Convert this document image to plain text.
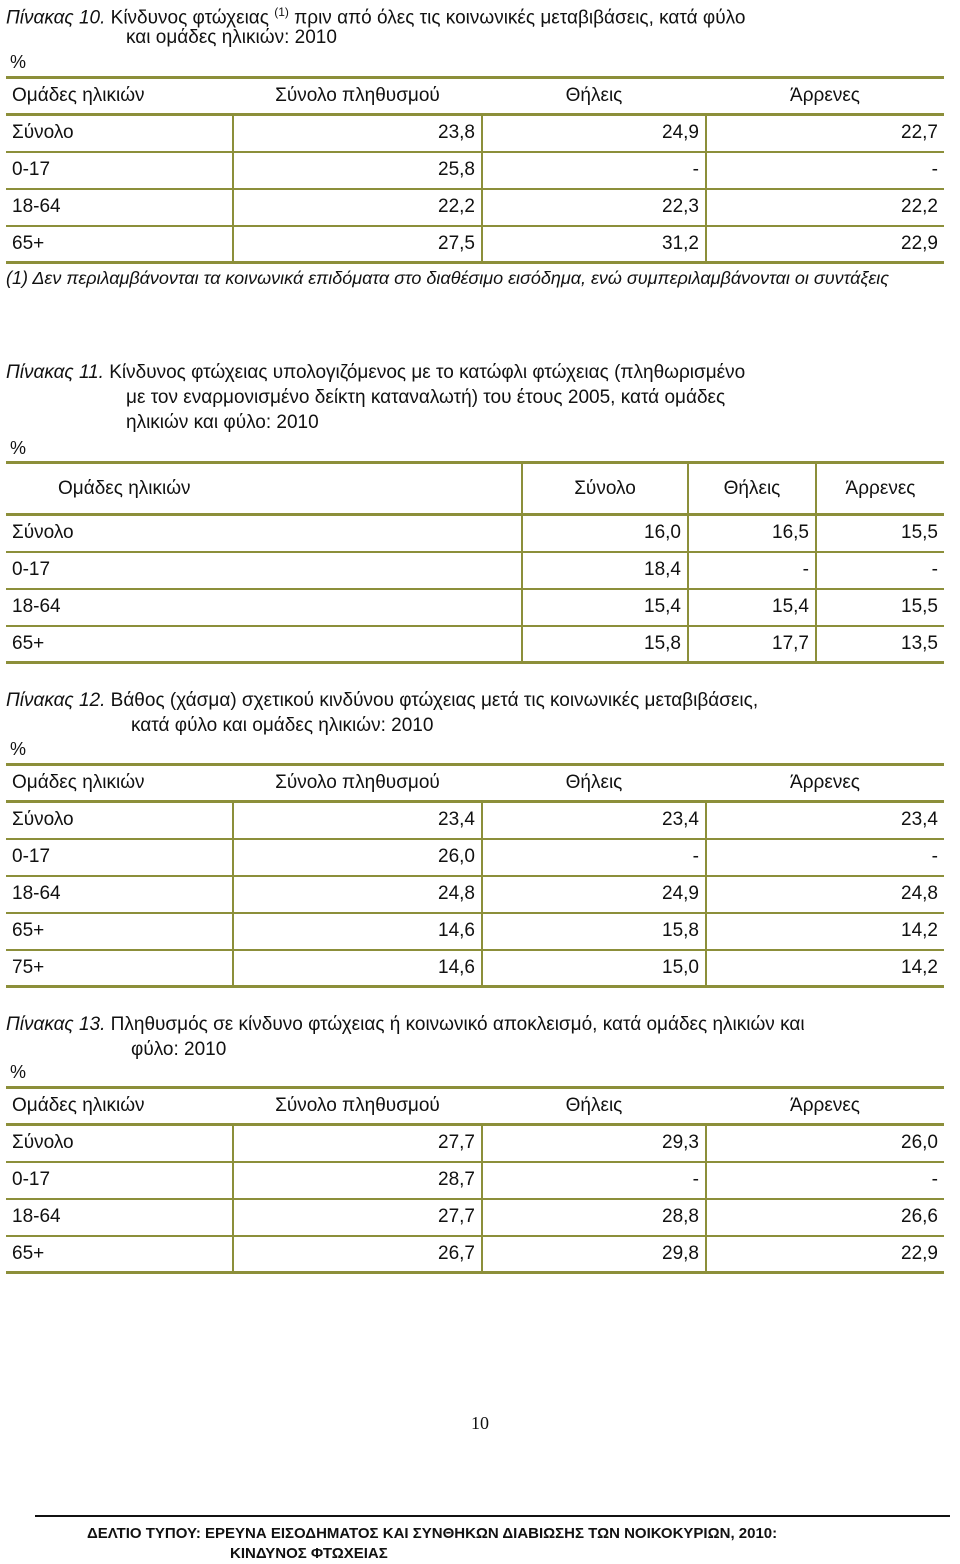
Πίνακας 10. Κίνδυνος φτώχειας $^{(1)}$ πριν από όλες τις κοινωνικές μεταβιβάσεις, κατά φύλο
και ομάδες ηλικιών: 2010
%
Ομάδες ηλικιών	Σύνολο πληθυσμού	Θήλεις	Άρρενες
Σύνολο	23,8	24,9	22,7
0-17	25,8	-	-
18-64	22,2	22,3	22,2
65+	27,5	31,2	22,9
(1) Δεν περιλαμβάνονται τα κοινωνικά επιδόματα στο διαθέσιμο εισόδημα, ενώ συμπεριλαμβάνονται οι συντάξεις
Πίνακας 11. Κίνδυνος φτώχειας υπολογιζόμενος με το κατώφλι φτώχειας (πληθωρισμένο
με τον εναρμονισμένο δείκτη καταναλωτή) του έτους 2005, κατά ομάδες
ηλικιών και φύλο: 2010
%
Ομάδες ηλικιών	Σύνολο	Θήλεις	Άρρενες
Σύνολο	16,0	16,5	15,5
0-17	18,4	-	-
18-64	15,4	15,4	15,5
65+	15,8	17,7	13,5
Πίνακας 12. Βάθος (χάσμα) σχετικού κινδύνου φτώχειας μετά τις κοινωνικές μεταβιβάσεις,
κατά φύλο και ομάδες ηλικιών: 2010
%
Ομάδες ηλικιών	Σύνολο πληθυσμού	Θήλεις	Άρρενες
Σύνολο	23,4	23,4	23,4
0-17	26,0	-	-
18-64	24,8	24,9	24,8
65+	14,6	15,8	14,2
75+	14,6	15,0	14,2
Πίνακας 13. Πληθυσμός σε κίνδυνο φτώχειας ή κοινωνικό αποκλεισμό, κατά ομάδες ηλικιών και
φύλο: 2010
%
Ομάδες ηλικιών	Σύνολο πληθυσμού	Θήλεις	Άρρενες
Σύνολο	27,7	29,3	26,0
0-17	28,7	-	-
18-64	27,7	28,8	26,6
65+	26,7	29,8	22,9
10
ΔΕΛΤΙΟ ΤΥΠΟΥ: ΕΡΕΥΝΑ ΕΙΣΟΔΗΜΑΤΟΣ ΚΑΙ ΣΥΝΘΗΚΩΝ ΔΙΑΒΙΩΣΗΣ ΤΩΝ ΝΟΙΚΟΚΥΡΙΩΝ, 2010:
ΚΙΝΔΥΝΟΣ ΦΤΩΧΕΙΑΣ
